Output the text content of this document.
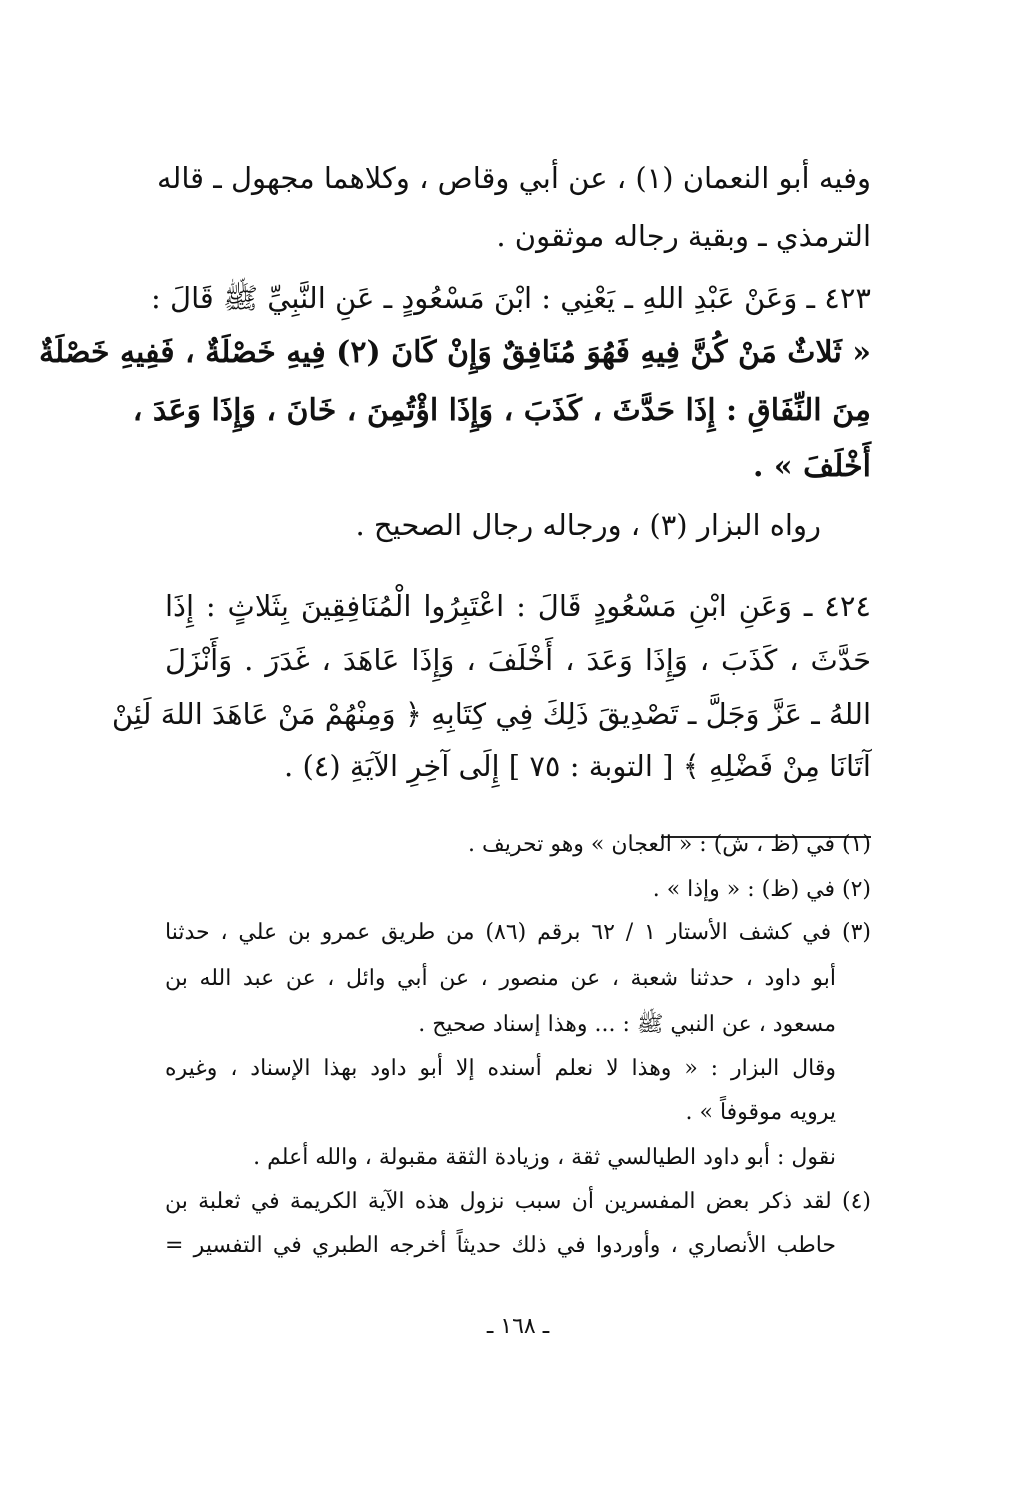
وفيه أبو النعمان (١) ، عن أبي وقاص ، وكلاهما مجهول ـ قاله
الترمذي ـ وبقية رجاله موثقون .
٤٢٣ ـ وَعَنْ عَبْدِ اللهِ ـ يَعْنِي : ابْنَ مَسْعُودٍ ـ عَنِ النَّبِيِّ ﷺ قَالَ :
« ثَلاثٌ مَنْ كُنَّ فِيهِ فَهُوَ مُنَافِقٌ وَإِنْ كَانَ (٢) فِيهِ خَصْلَةٌ ، فَفِيهِ خَصْلَةٌ
مِنَ النِّفَاقِ : إِذَا حَدَّثَ ، كَذَبَ ، وَإِذَا اؤْتُمِنَ ، خَانَ ، وَإِذَا وَعَدَ ،
أَخْلَفَ » .
رواه البزار (٣) ، ورجاله رجال الصحيح .
٤٢٤ ـ وَعَنِ ابْنِ مَسْعُودٍ قَالَ : اعْتَبِرُوا الْمُنَافِقِينَ بِثَلاثٍ : إِذَا
حَدَّثَ ، كَذَبَ ، وَإِذَا وَعَدَ ، أَخْلَفَ ، وَإِذَا عَاهَدَ ، غَدَرَ . وَأَنْزَلَ
اللهُ ـ عَزَّ وَجَلَّ ـ تَصْدِيقَ ذَلِكَ فِي كِتَابِهِ ﴿ وَمِنْهُمْ مَنْ عَاهَدَ اللهَ لَئِنْ
آتَانَا مِنْ فَضْلِهِ ﴾ [ التوبة : ٧٥ ] إِلَى آخِرِ الآيَةِ (٤) .
(١) في (ظ ، ش) : « العجان » وهو تحريف .
(٢) في (ظ) : « وإذا » .
(٣) في كشف الأستار ١ / ٦٢ برقم (٨٦) من طريق عمرو بن علي ، حدثنا
أبو داود ، حدثنا شعبة ، عن منصور ، عن أبي وائل ، عن عبد الله بن
مسعود ، عن النبي ﷺ : ... وهذا إسناد صحيح .
وقال البزار : « وهذا لا نعلم أسنده إلا أبو داود بهذا الإسناد ، وغيره
يرويه موقوفاً » .
نقول : أبو داود الطيالسي ثقة ، وزيادة الثقة مقبولة ، والله أعلم .
(٤) لقد ذكر بعض المفسرين أن سبب نزول هذه الآية الكريمة في ثعلبة بن
حاطب الأنصاري ، وأوردوا في ذلك حديثاً أخرجه الطبري في التفسير =
ـ ١٦٨ ـ
